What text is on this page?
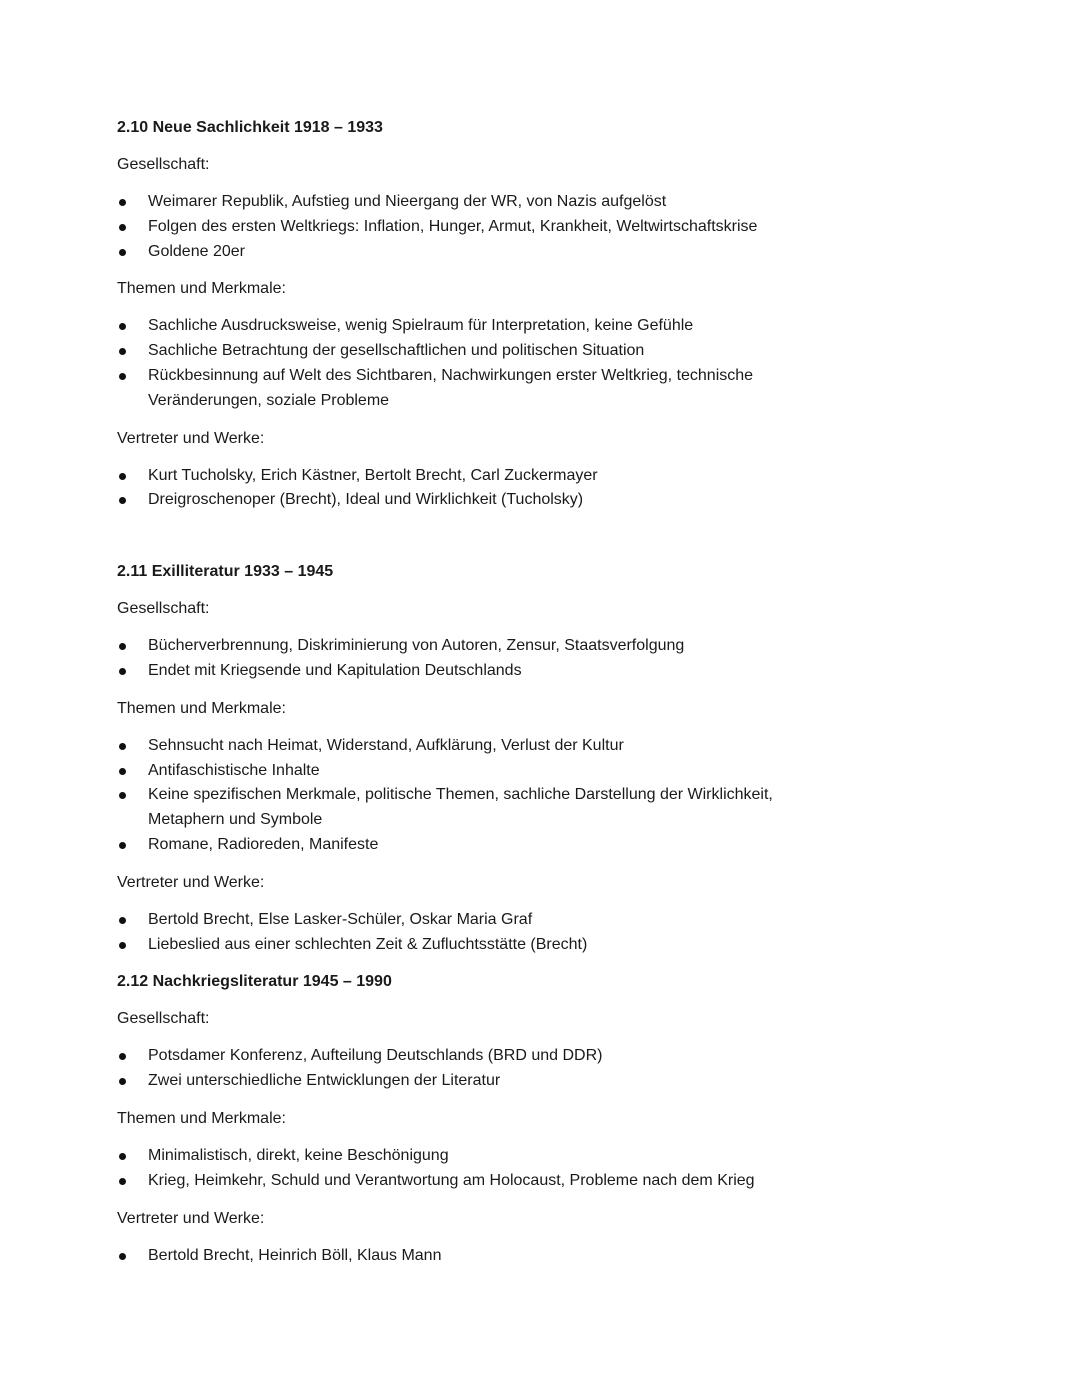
2.10 Neue Sachlichkeit 1918 – 1933

Gesellschaft:

Weimarer Republik, Aufstieg und Nieergang der WR, von Nazis aufgelöst
Folgen des ersten Weltkriegs: Inflation, Hunger, Armut, Krankheit, Weltwirtschaftskrise
Goldene 20er

Themen und Merkmale:

Sachliche Ausdrucksweise, wenig Spielraum für Interpretation, keine Gefühle
Sachliche Betrachtung der gesellschaftlichen und politischen Situation
Rückbesinnung auf Welt des Sichtbaren, Nachwirkungen erster Weltkrieg, technische Veränderungen, soziale Probleme

Vertreter und Werke:

Kurt Tucholsky, Erich Kästner, Bertolt Brecht, Carl Zuckermayer
Dreigroschenoper (Brecht), Ideal und Wirklichkeit (Tucholsky)

2.11 Exilliteratur 1933 – 1945

Gesellschaft:

Bücherverbrennung, Diskriminierung von Autoren, Zensur, Staatsverfolgung
Endet mit Kriegsende und Kapitulation Deutschlands

Themen und Merkmale:

Sehnsucht nach Heimat, Widerstand, Aufklärung, Verlust der Kultur
Antifaschistische Inhalte
Keine spezifischen Merkmale, politische Themen, sachliche Darstellung der Wirklichkeit, Metaphern und Symbole
Romane, Radioreden, Manifeste

Vertreter und Werke:

Bertold Brecht, Else Lasker-Schüler, Oskar Maria Graf
Liebeslied aus einer schlechten Zeit & Zufluchtsstätte (Brecht)

2.12 Nachkriegsliteratur 1945 – 1990

Gesellschaft:

Potsdamer Konferenz, Aufteilung Deutschlands (BRD und DDR)
Zwei unterschiedliche Entwicklungen der Literatur

Themen und Merkmale:

Minimalistisch, direkt, keine Beschönigung
Krieg, Heimkehr, Schuld und Verantwortung am Holocaust, Probleme nach dem Krieg

Vertreter und Werke:

Bertold Brecht, Heinrich Böll, Klaus Mann
